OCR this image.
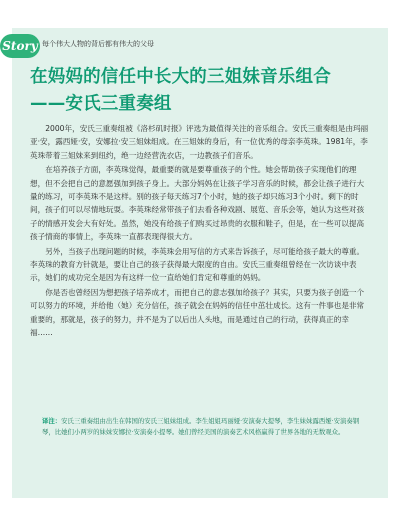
Story 每个伟大人物的背后都有伟大的父母
在妈妈的信任中长大的三姐妹音乐组合
——安氏三重奏组

2000年，安氏三重奏组被《洛杉矶时报》评选为最值得关注的音乐组合。安氏三重奏组是由玛丽亚·安，露西娅·安，安娜拉·安三姐妹组成。在三姐妹的身后，有一位优秀的母亲李英珠。1981年，李英珠带着三姐妹来到纽约，绝一边经营洗衣店，一边教孩子们音乐。

在培养孩子方面，李英珠觉得，最重要的就是要尊重孩子的个性。她会帮助孩子实现他们的理想，但不会把自己的意愿强加到孩子身上。大部分妈妈在让孩子学习音乐的时候，都会让孩子进行大量的练习，可李英珠不是这样。别的孩子每天练习7个小时，她的孩子却只练习3个小时。剩下的时间，孩子们可以尽情地玩耍。李英珠经常带孩子们去看各种戏剧、展览、音乐会等，她认为这些对孩子的情感开发会大有好处。虽然，她没有给孩子们购买过昂贵的衣服和鞋子，但是，在一些可以提高孩子情商的事情上，李英珠一直都表现得很大方。

另外，当孩子出现问题的时候，李英珠会用写信的方式来告诉孩子，尽可能给孩子最大的尊重。李英珠的教育方针就是，要让自己的孩子获得最大限度的自由。安氏三重奏组曾经在一次访谈中表示，她们的成功完全是因为有这样一位一直给她们肯定和尊重的妈妈。

你是否也曾经因为想把孩子培养成才，而把自己的意志强加给孩子？其实，只要为孩子创造一个可以努力的环境，并给他（她）充分信任，孩子就会在妈妈的信任中茁壮成长。这有一件事也是非常重要的，那就是，孩子的努力，并不是为了以后出人头地，而是通过自己的行动，获得真正的幸福……

译注：安氏三重奏组由出生在韩国的安氏三姐妹组成。李生姐姐玛丽娅·安演奏大提琴，李生妹妹露西娅·安演奏钢琴，比她们小两岁的妹妹安娜拉·安演奏小提琴。她们曾经美国的演奏艺术风格赢得了世界各地的无数观众。
